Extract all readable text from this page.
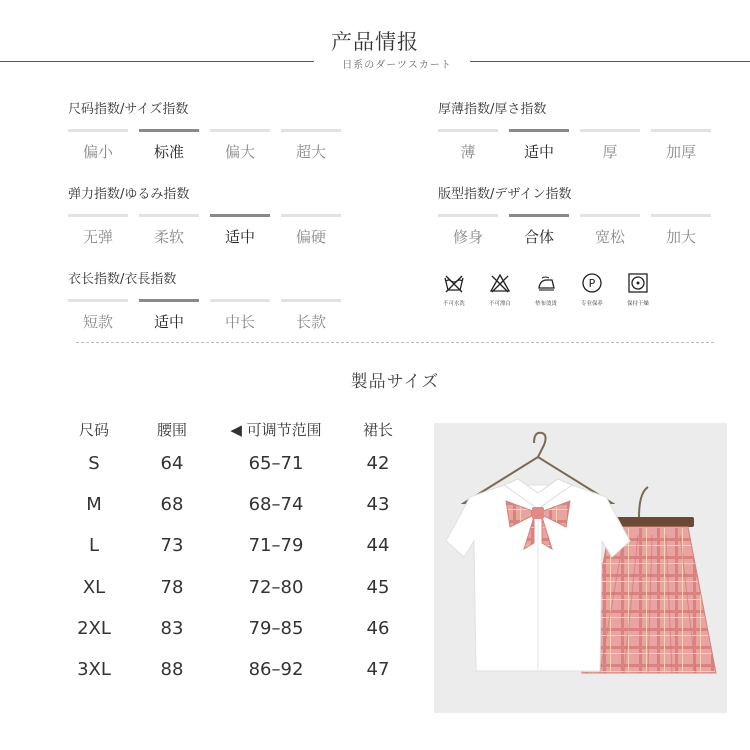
产品情报
日系のダーツスカート
尺码指数/サイズ指数
偏小	标准	偏大	超大
厚薄指数/厚さ指数
薄	适中	厚	加厚
弹力指数/ゆるみ指数
无弹	柔软	适中	偏硬
版型指数/デザイン指数
修身	合体	宽松	加大
衣长指数/衣長指数
短款	适中	中长	长款
不可水洗	不可漂白	垫布烫烫
P
专业保养	保持干燥
製品サイズ
尺码	腰围	◀ 可调节范围	裙长
S	64	65–71	42
M	68	68–74	43
L	73	71–79	44
XL	78	72–80	45
2XL	83	79–85	46
3XL	88	86–92	47
